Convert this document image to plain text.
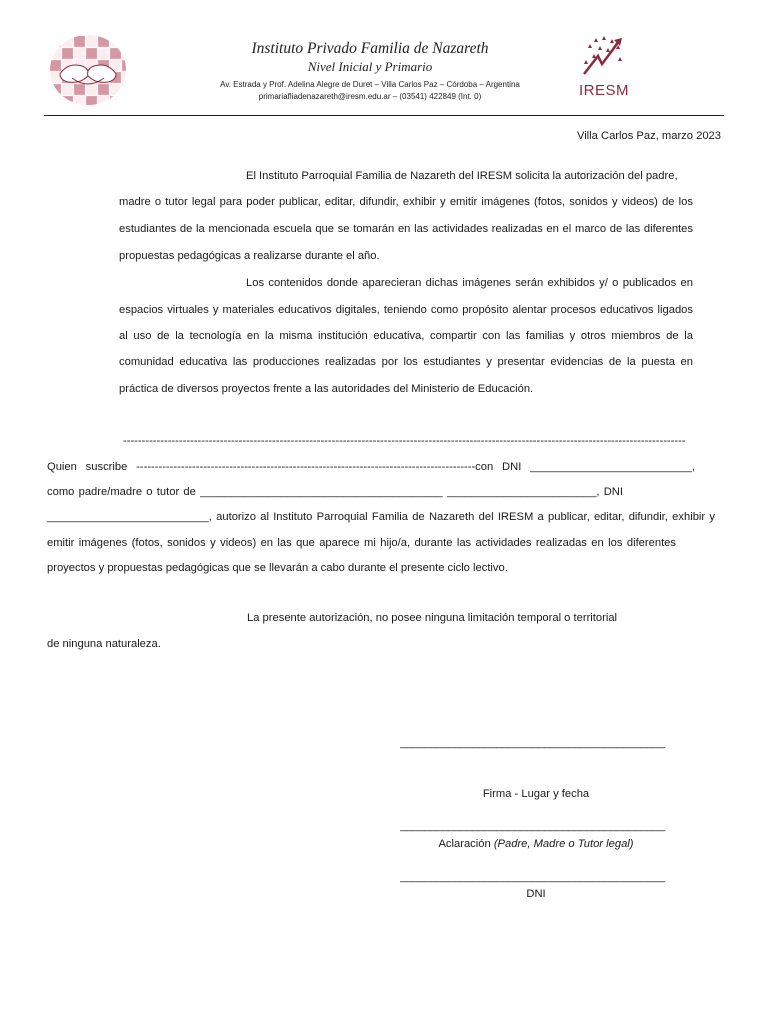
Instituto Privado Familia de Nazareth
Nivel Inicial y Primario
Av. Estrada y Prof. Adelina Alegre de Duret – Villa Carlos Paz – Córdoba – Argentina
primariafliadenazareth@iresm.edu.ar – (03541) 422849 (Int. 0)	IRESM
Villa Carlos Paz, marzo 2023
El Instituto Parroquial Familia de Nazareth del IRESM solicita la autorización del padre,
madre o tutor legal para poder publicar, editar, difundir, exhibir y emitir imágenes (fotos, sonidos y videos) de los
estudiantes de la mencionada escuela que se tomarán en las actividades realizadas en el marco de las diferentes
propuestas pedagógicas a realizarse durante el año.
Los contenidos donde aparecieran dichas imágenes serán exhibidos y/ o publicados en
espacios virtuales y materiales educativos digitales, teniendo como propósito alentar procesos educativos ligados
al uso de la tecnología en la misma institución educativa, compartir con las familias y otros miembros de la
comunidad educativa las producciones realizadas por los estudiantes y presentar evidencias de la puesta en
práctica de diversos proyectos frente a las autoridades del Ministerio de Educación.
-------------------------------------------------------------------------------------------------------------------------------------------------------
Quien suscribe -------------------------------------------------------------------------------------------con DNI __________________________,
como padre/madre o tutor de _______________________________________ ________________________, DNI
__________________________, autorizo al Instituto Parroquial Familia de Nazareth del IRESM a publicar, editar, difundir, exhibir y
emitir imágenes (fotos, sonidos y videos) en las que aparece mi hijo/a, durante las actividades realizadas en los diferentes
proyectos y propuestas pedagógicas que se llevarán a cabo durante el presente ciclo lectivo.
La presente autorización, no posee ninguna limitación temporal o territorial
de ninguna naturaleza.
____________________________________________
Firma - Lugar y fecha
____________________________________________
Aclaración (Padre, Madre o Tutor legal)
____________________________________________
DNI
